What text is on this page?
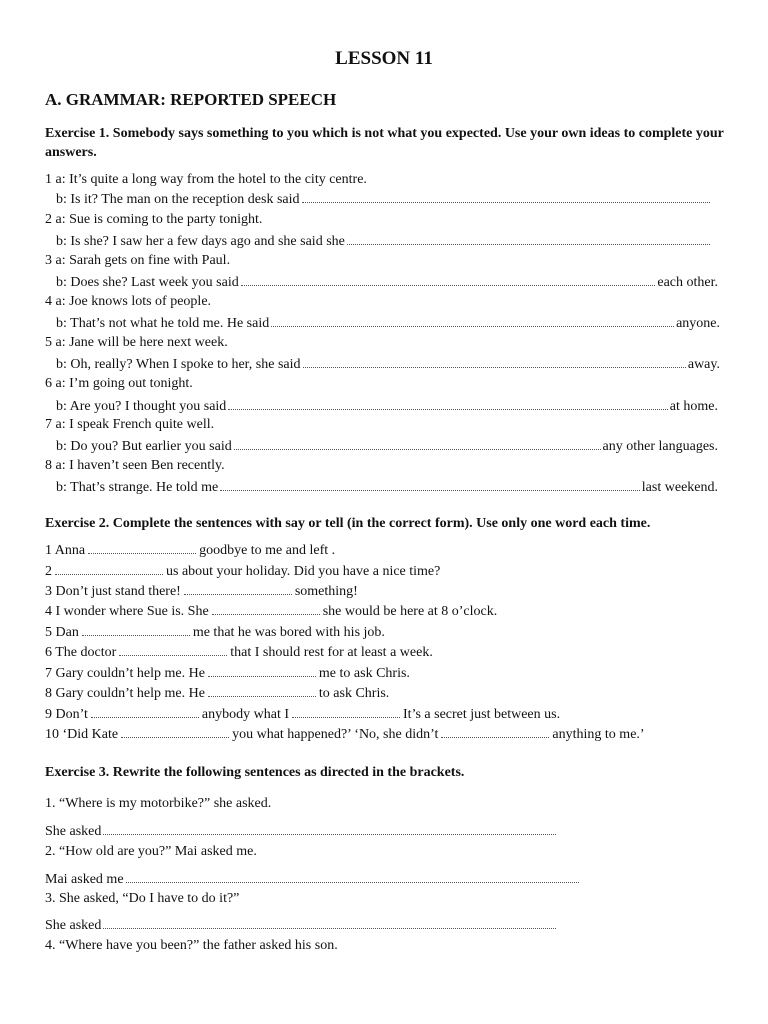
LESSON 11
A. GRAMMAR: REPORTED SPEECH
Exercise 1. Somebody says something to you which is not what you expected. Use your own ideas to complete your answers.
1 a: It’s quite a long way from the hotel to the city centre.
b: Is it? The man on the reception desk said
2 a: Sue is coming to the party tonight.
b: Is she? I saw her a few days ago and she said she
3 a: Sarah gets on fine with Paul.
b: Does she? Last week you said	each other.
4 a: Joe knows lots of people.
b: That’s not what he told me. He said	anyone.
5 a: Jane will be here next week.
b: Oh, really? When I spoke to her, she said	away.
6 a: I’m going out tonight.
b: Are you? I thought you said	at home.
7 a: I speak French quite well.
b: Do you? But earlier you said	any other languages.
8 a: I haven’t seen Ben recently.
b: That’s strange. He told me	last weekend.
Exercise 2. Complete the sentences with say or tell (in the correct form). Use only one word each time.
1 Anna	goodbye to me and left .
2	us about your holiday. Did you have a nice time?
3 Don’t just stand there!	something!
4 I wonder where Sue is. She	she would be here at 8 o’clock.
5 Dan	me that he was bored with his job.
6 The doctor	that I should rest for at least a week.
7 Gary couldn’t help me. He	me to ask Chris.
8 Gary couldn’t help me. He	to ask Chris.
9 Don’t	anybody what I	It’s a secret just between us.
10 ‘Did Kate	you what happened?’ ‘No, she didn’t	anything to me.’
Exercise 3. Rewrite the following sentences as directed in the brackets.
1. “Where is my motorbike?” she asked.
She asked
2. “How old are you?” Mai asked me.
Mai asked me
3. She asked, “Do I have to do it?”
She asked
4. “Where have you been?” the father asked his son.
